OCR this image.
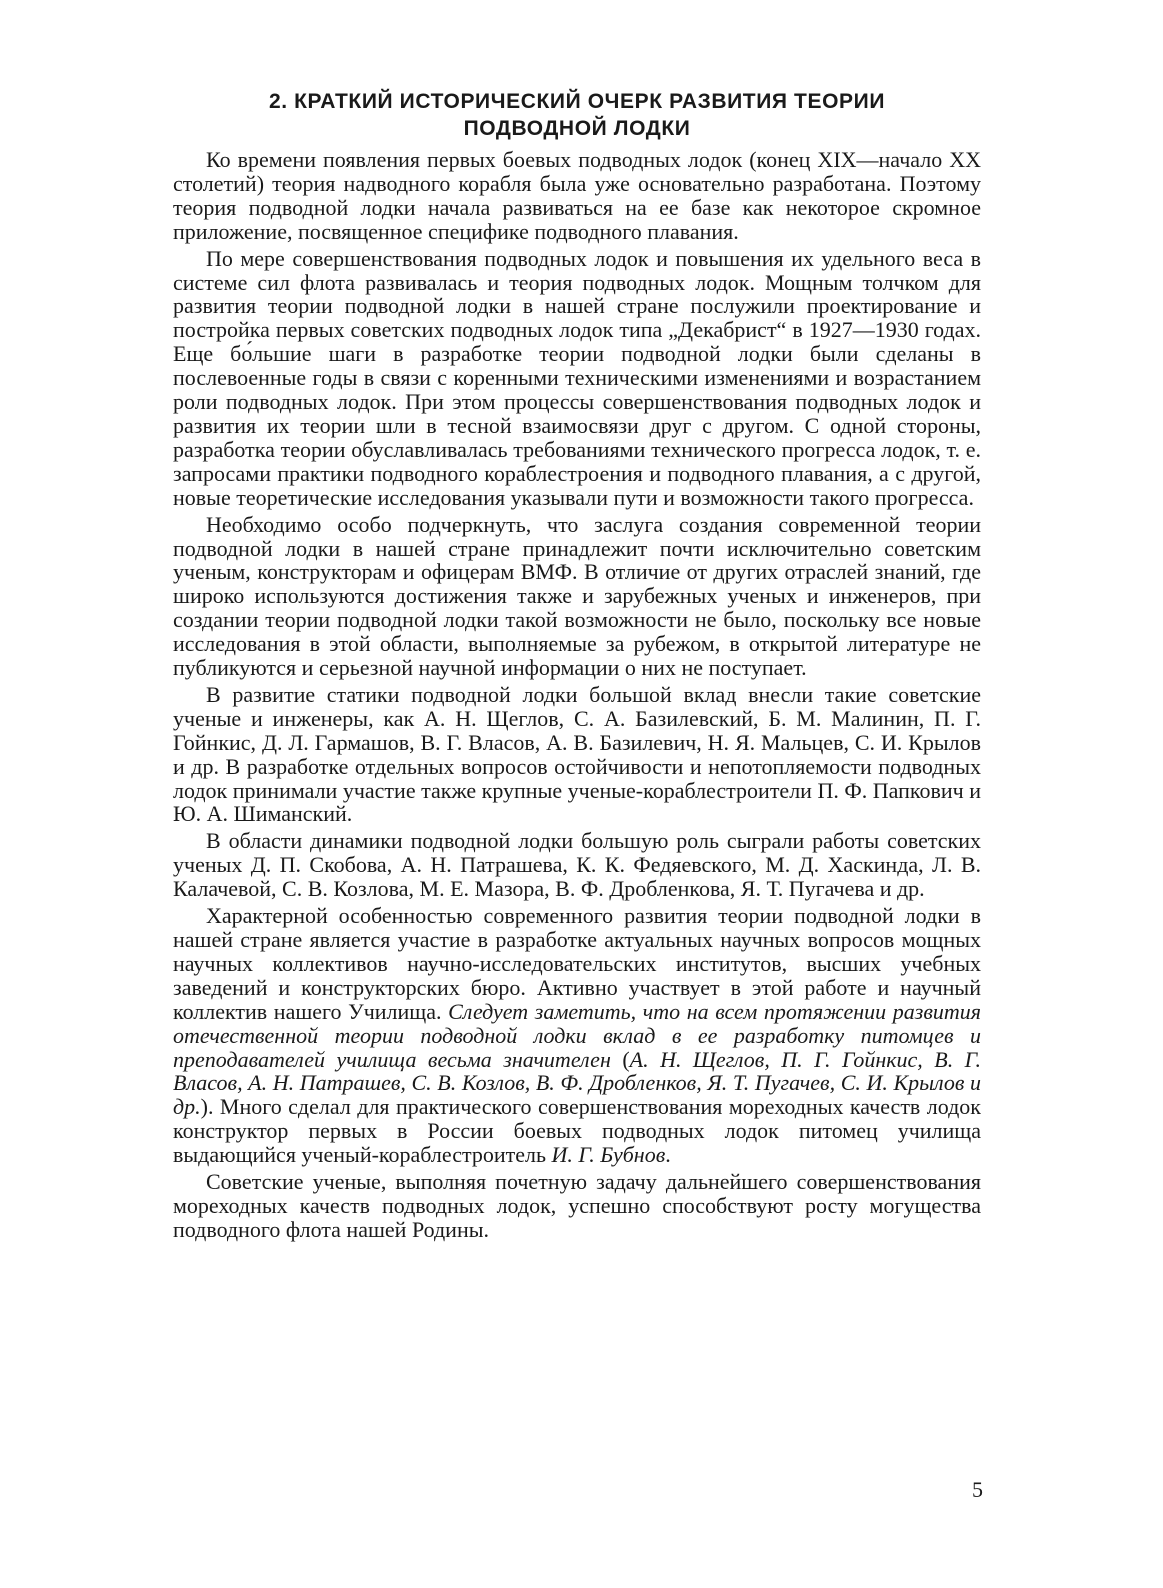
2. КРАТКИЙ ИСТОРИЧЕСКИЙ ОЧЕРК РАЗВИТИЯ ТЕОРИИ
ПОДВОДНОЙ ЛОДКИ

Ко времени появления первых боевых подводных лодок (конец XIX—начало XX столетий) теория надводного корабля была уже основательно разработана. Поэтому теория подводной лодки начала развиваться на ее базе как некоторое скромное приложение, посвященное специфике подводного плавания.

По мере совершенствования подводных лодок и повышения их удельного веса в системе сил флота развивалась и теория подводных лодок. Мощным толчком для развития теории подводной лодки в нашей стране послужили проектирование и постройка первых советских подводных лодок типа „Декабрист“ в 1927—1930 годах. Еще бо́льшие шаги в разработке теории подводной лодки были сделаны в послевоенные годы в связи с коренными техническими изменениями и возрастанием роли подводных лодок. При этом процессы совершенствования подводных лодок и развития их теории шли в тесной взаимосвязи друг с другом. С одной стороны, разработка теории обуславливалась требованиями технического прогресса лодок, т. е. запросами практики подводного кораблестроения и подводного плавания, а с другой, новые теоретические исследования указывали пути и возможности такого прогресса.

Необходимо особо подчеркнуть, что заслуга создания современной теории подводной лодки в нашей стране принадлежит почти исключительно советским ученым, конструкторам и офицерам ВМФ. В отличие от других отраслей знаний, где широко используются достижения также и зарубежных ученых и инженеров, при создании теории подводной лодки такой возможности не было, поскольку все новые исследования в этой области, выполняемые за рубежом, в открытой литературе не публикуются и серьезной научной информации о них не поступает.

В развитие статики подводной лодки большой вклад внесли такие советские ученые и инженеры, как А. Н. Щеглов, С. А. Базилевский, Б. М. Малинин, П. Г. Гойнкис, Д. Л. Гармашов, В. Г. Власов, А. В. Базилевич, Н. Я. Мальцев, С. И. Крылов и др. В разработке отдельных вопросов остойчивости и непотопляемости подводных лодок принимали участие также крупные ученые-кораблестроители П. Ф. Папкович и Ю. А. Шиманский.

В области динамики подводной лодки большую роль сыграли работы советских ученых Д. П. Скобова, А. Н. Патрашева, К. К. Федяевского, М. Д. Хаскинда, Л. В. Калачевой, С. В. Козлова, М. Е. Мазора, В. Ф. Дробленкова, Я. Т. Пугачева и др.

Характерной особенностью современного развития теории подводной лодки в нашей стране является участие в разработке актуальных научных вопросов мощных научных коллективов научно-исследовательских институтов, высших учебных заведений и конструкторских бюро. Активно участвует в этой работе и научный коллектив нашего Училища. Следует заметить, что на всем протяжении развития отечественной теории подводной лодки вклад в ее разработку питомцев и преподавателей училища весьма значителен (А. Н. Щеглов, П. Г. Гойнкис, В. Г. Власов, А. Н. Патрашев, С. В. Козлов, В. Ф. Дробленков, Я. Т. Пугачев, С. И. Крылов и др.). Много сделал для практического совершенствования мореходных качеств лодок конструктор первых в России боевых подводных лодок питомец училища выдающийся ученый-кораблестроитель И. Г. Бубнов.

Советские ученые, выполняя почетную задачу дальнейшего совершенствования мореходных качеств подводных лодок, успешно способствуют росту могущества подводного флота нашей Родины.

5
